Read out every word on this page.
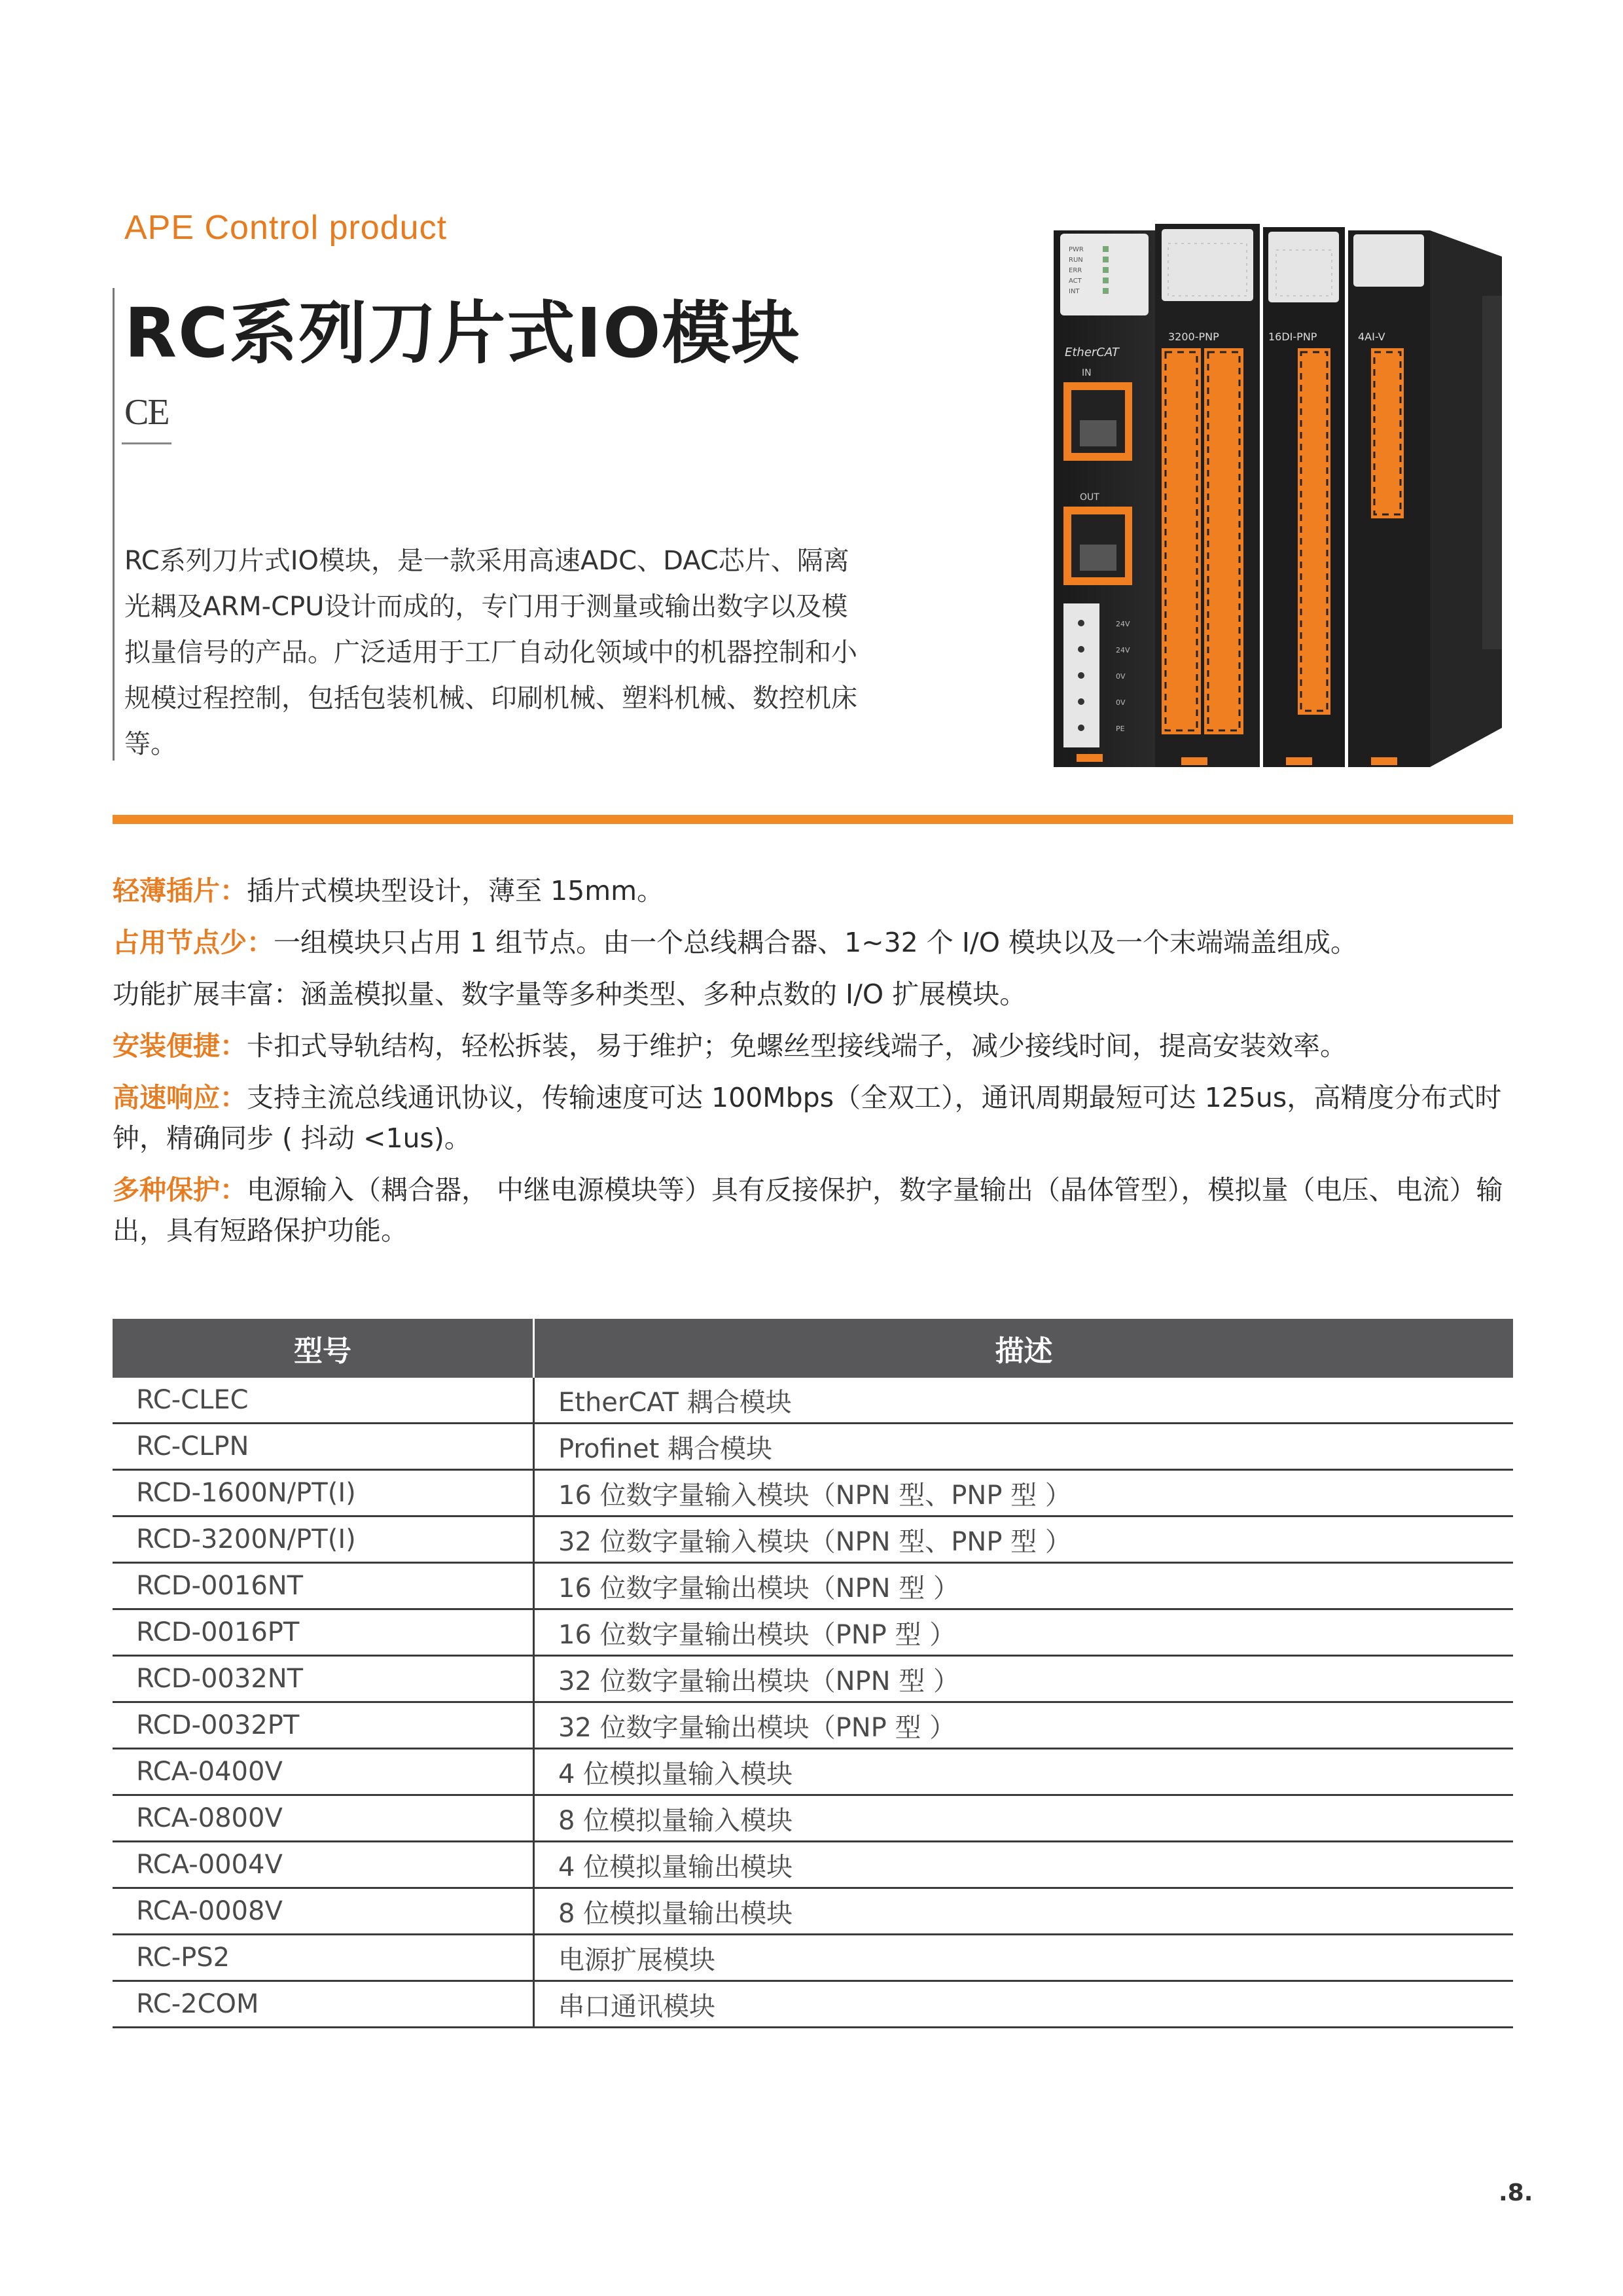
APE Control product
RC系列刀片式IO模块
CE
RC系列刀片式IO模块，是一款采用高速ADC、DAC芯片、隔离光耦及ARM-CPU设计而成的，专门用于测量或输出数字以及模拟量信号的产品。广泛适用于工厂自动化领域中的机器控制和小规模过程控制，包括包装机械、印刷机械、塑料机械、数控机床等。
PWR
RUN
ERR
ACT
INT
EtherCAT
IN
OUT
24V
24V
0V
0V
PE
3200-PNP	16DI-PNP	4AI-V
轻薄插片：插片式模块型设计，薄至 15mm。
占用节点少：一组模块只占用 1 组节点。由一个总线耦合器、1~32 个 I/O 模块以及一个末端端盖组成。
功能扩展丰富：涵盖模拟量、数字量等多种类型、多种点数的 I/O 扩展模块。
安装便捷：卡扣式导轨结构，轻松拆装，易于维护；免螺丝型接线端子，减少接线时间，提高安装效率。
高速响应：支持主流总线通讯协议，传输速度可达 100Mbps（全双工），通讯周期最短可达 125us，高精度分布式时钟，精确同步 ( 抖动 <1us)。
多种保护：电源输入（耦合器， 中继电源模块等）具有反接保护，数字量输出（晶体管型），模拟量（电压、电流）输出，具有短路保护功能。
型号	描述
RC-CLEC	EtherCAT 耦合模块
RC-CLPN	Profinet 耦合模块
RCD-1600N/PT(I)	16 位数字量输入模块（NPN 型、PNP 型 ）
RCD-3200N/PT(I)	32 位数字量输入模块（NPN 型、PNP 型 ）
RCD-0016NT	16 位数字量输出模块（NPN 型 ）
RCD-0016PT	16 位数字量输出模块（PNP 型 ）
RCD-0032NT	32 位数字量输出模块（NPN 型 ）
RCD-0032PT	32 位数字量输出模块（PNP 型 ）
RCA-0400V	4 位模拟量输入模块
RCA-0800V	8 位模拟量输入模块
RCA-0004V	4 位模拟量输出模块
RCA-0008V	8 位模拟量输出模块
RC-PS2	电源扩展模块
RC-2COM	串口通讯模块
.8.
